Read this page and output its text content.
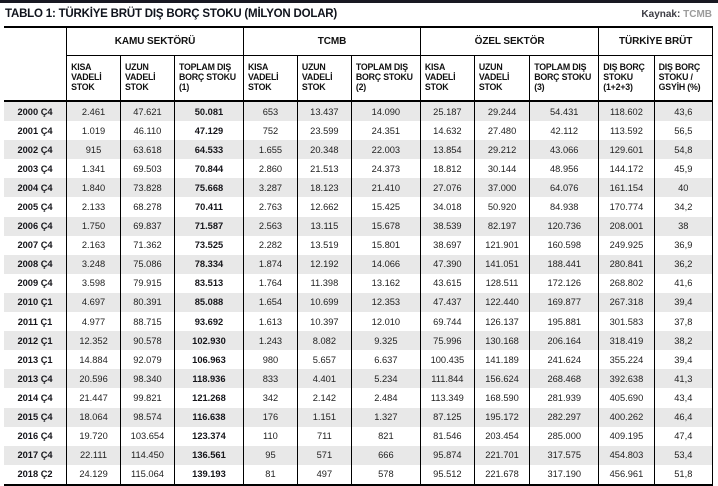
TABLO 1: TÜRKİYE BRÜT DIŞ BORÇ STOKU (MİLYON DOLAR)	Kaynak: TCMB
	KAMU SEKTÖRÜ			TCMB			ÖZEL SEKTÖR			TÜRKİYE BRÜT	
	KISA VADELİ STOK	UZUN VADELİ STOK	TOPLAM DIŞ BORÇ STOKU (1)	KISA VADELİ STOK	UZUN VADELİ STOK	TOPLAM DIŞ BORÇ STOKU (2)	KISA VADELİ STOK	UZUN VADELİ STOK	TOPLAM DIŞ BORÇ STOKU (3)	DIŞ BORÇ STOKU (1+2+3)	DIŞ BORÇ STOKU / GSYİH (%)
2000 Ç4	2.461	47.621	50.081	653	13.437	14.090	25.187	29.244	54.431	118.602	43,6
2001 Ç4	1.019	46.110	47.129	752	23.599	24.351	14.632	27.480	42.112	113.592	56,5
2002 Ç4	915	63.618	64.533	1.655	20.348	22.003	13.854	29.212	43.066	129.601	54,8
2003 Ç4	1.341	69.503	70.844	2.860	21.513	24.373	18.812	30.144	48.956	144.172	45,9
2004 Ç4	1.840	73.828	75.668	3.287	18.123	21.410	27.076	37.000	64.076	161.154	40
2005 Ç4	2.133	68.278	70.411	2.763	12.662	15.425	34.018	50.920	84.938	170.774	34,2
2006 Ç4	1.750	69.837	71.587	2.563	13.115	15.678	38.539	82.197	120.736	208.001	38
2007 Ç4	2.163	71.362	73.525	2.282	13.519	15.801	38.697	121.901	160.598	249.925	36,9
2008 Ç4	3.248	75.086	78.334	1.874	12.192	14.066	47.390	141.051	188.441	280.841	36,2
2009 Ç4	3.598	79.915	83.513	1.764	11.398	13.162	43.615	128.511	172.126	268.802	41,6
2010 Ç1	4.697	80.391	85.088	1.654	10.699	12.353	47.437	122.440	169.877	267.318	39,4
2011 Ç1	4.977	88.715	93.692	1.613	10.397	12.010	69.744	126.137	195.881	301.583	37,8
2012 Ç1	12.352	90.578	102.930	1.243	8.082	9.325	75.996	130.168	206.164	318.419	38,2
2013 Ç1	14.884	92.079	106.963	980	5.657	6.637	100.435	141.189	241.624	355.224	39,4
2013 Ç4	20.596	98.340	118.936	833	4.401	5.234	111.844	156.624	268.468	392.638	41,3
2014 Ç4	21.447	99.821	121.268	342	2.142	2.484	113.349	168.590	281.939	405.690	43,4
2015 Ç4	18.064	98.574	116.638	176	1.151	1.327	87.125	195.172	282.297	400.262	46,4
2016 Ç4	19.720	103.654	123.374	110	711	821	81.546	203.454	285.000	409.195	47,4
2017 Ç4	22.111	114.450	136.561	95	571	666	95.874	221.701	317.575	454.803	53,4
2018 Ç2	24.129	115.064	139.193	81	497	578	95.512	221.678	317.190	456.961	51,8
